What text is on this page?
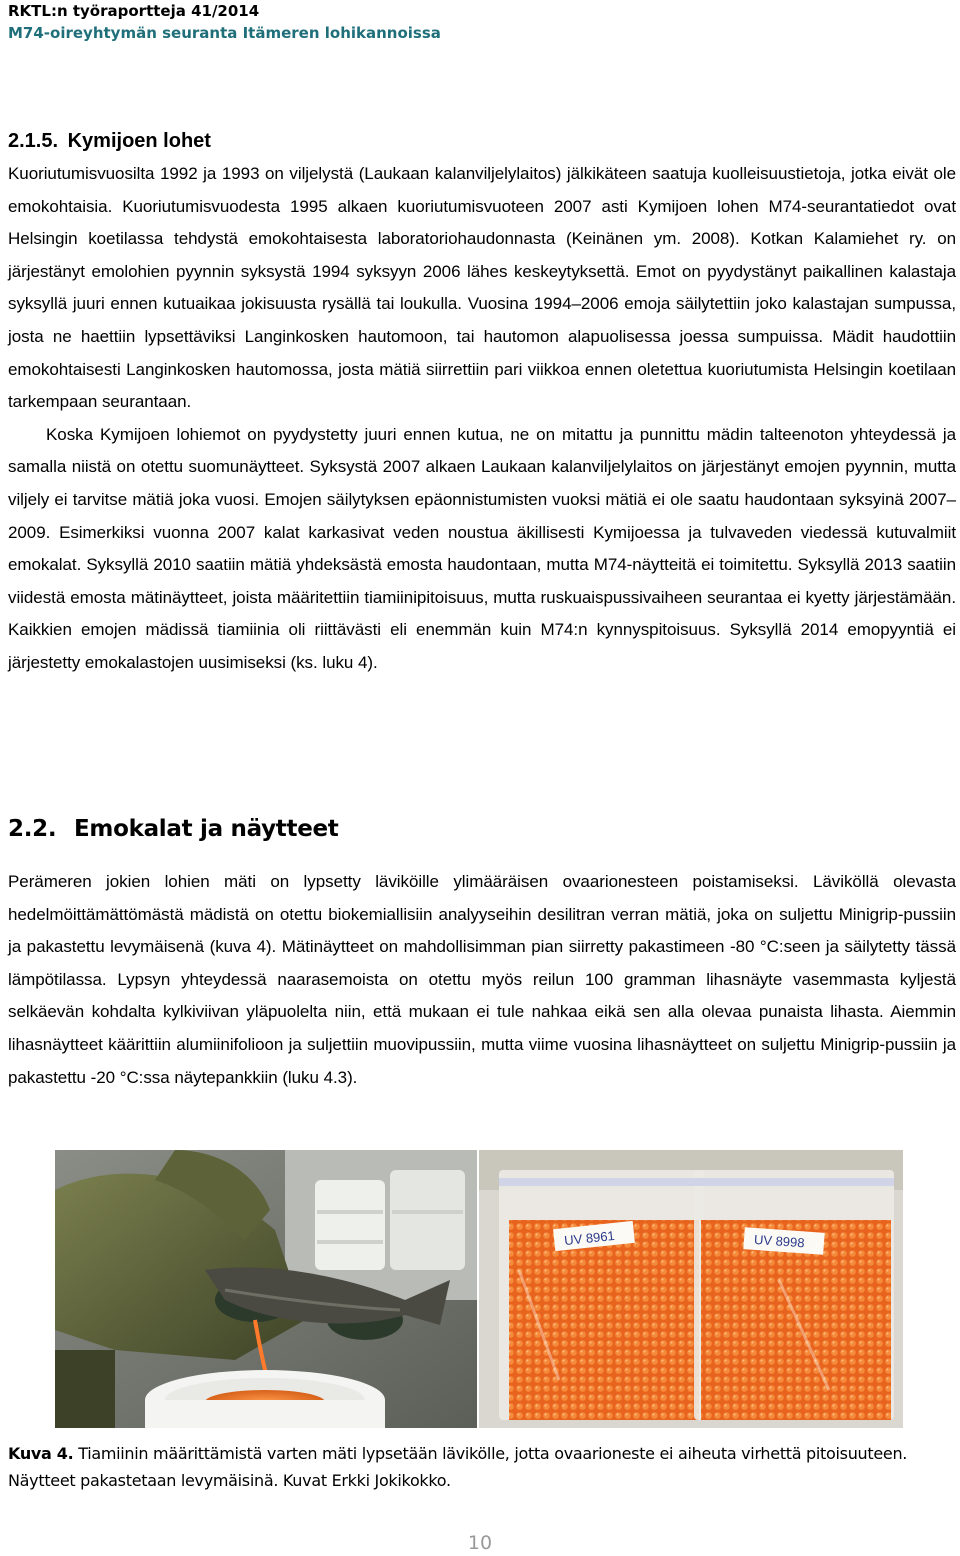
RKTL:n työraportteja 41/2014
M74-oireyhtymän seuranta Itämeren lohikannoissa
2.1.5. Kymijoen lohet

Kuoriutumisvuosilta 1992 ja 1993 on viljelystä (Laukaan kalanviljelylaitos) jälkikäteen saatuja kuolleisuustietoja, jotka eivät ole emokohtaisia. Kuoriutumisvuodesta 1995 alkaen kuoriutumisvuoteen 2007 asti Kymijoen lohen M74-seurantatiedot ovat Helsingin koetilassa tehdystä emokohtaisesta laboratoriohaudonnasta (Keinänen ym. 2008). Kotkan Kalamiehet ry. on järjestänyt emolohien pyynnin syksystä 1994 syksyyn 2006 lähes keskeytyksettä. Emot on pyydystänyt paikallinen kalastaja syksyllä juuri ennen kutuaikaa jokisuusta rysällä tai loukulla. Vuosina 1994–2006 emoja säilytettiin joko kalastajan sumpussa, josta ne haettiin lypsettäviksi Langinkosken hautomoon, tai hautomon alapuolisessa joessa sumpuissa. Mädit haudottiin emokohtaisesti Langinkosken hautomossa, josta mätiä siirrettiin pari viikkoa ennen oletettua kuoriutumista Helsingin koetilaan tarkempaan seurantaan.

Koska Kymijoen lohiemot on pyydystetty juuri ennen kutua, ne on mitattu ja punnittu mädin talteenoton yhteydessä ja samalla niistä on otettu suomunäytteet. Syksystä 2007 alkaen Laukaan kalanviljelylaitos on järjestänyt emojen pyynnin, mutta viljely ei tarvitse mätiä joka vuosi. Emojen säilytyksen epäonnistumisten vuoksi mätiä ei ole saatu haudontaan syksyinä 2007–2009. Esimerkiksi vuonna 2007 kalat karkasivat veden noustua äkillisesti Kymijoessa ja tulvaveden viedessä kutuvalmiit emokalat. Syksyllä 2010 saatiin mätiä yhdeksästä emosta haudontaan, mutta M74-näytteitä ei toimitettu. Syksyllä 2013 saatiin viidestä emosta mätinäytteet, joista määritettiin tiamiinipitoisuus, mutta ruskuaispussivaiheen seurantaa ei kyetty järjestämään. Kaikkien emojen mädissä tiamiinia oli riittävästi eli enemmän kuin M74:n kynnyspitoisuus. Syksyllä 2014 emopyyntiä ei järjestetty emokalastojen uusimiseksi (ks. luku 4).

2.2. Emokalat ja näytteet

Perämeren jokien lohien mäti on lypsetty läviköille ylimääräisen ovaarionesteen poistamiseksi. Läviköllä olevasta hedelmöittämättömästä mädistä on otettu biokemiallisiin analyyseihin desilitran verran mätiä, joka on suljettu Minigrip-pussiin ja pakastettu levymäisenä (kuva 4). Mätinäytteet on mahdollisimman pian siirretty pakastimeen -80 °C:seen ja säilytetty tässä lämpötilassa. Lypsyn yhteydessä naarasemoista on otettu myös reilun 100 gramman lihasnäyte vasemmasta kyljestä selkäevän kohdalta kylkiviivan yläpuolelta niin, että mukaan ei tule nahkaa eikä sen alla olevaa punaista lihasta. Aiemmin lihasnäytteet käärittiin alumiinifolioon ja suljettiin muovipussiin, mutta viime vuosina lihasnäytteet on suljettu Minigrip-pussiin ja pakastettu -20 °C:ssa näytepankkiin (luku 4.3).

UV 8961	UV 8998
Kuva 4. Tiamiinin määrittämistä varten mäti lypsetään lävikölle, jotta ovaarioneste ei aiheuta virhettä pitoisuuteen. Näytteet pakastetaan levymäisinä. Kuvat Erkki Jokikokko.
10
